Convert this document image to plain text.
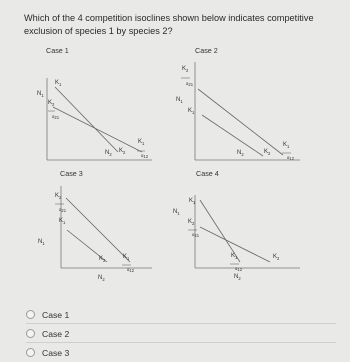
Which of the 4 competition isoclines shown below indicates competitive exclusion of species 1 by species 2?

Case 1
$N_1$
$K_1$
$K_2$
α21
$N_2$
$K_2$
$K_1$
α12
Case 2
$K_2$
α21
$N_1$
$K_1$
$N_2$	$K_2$
$K_1$
α12
Case 3
$K_2$
α21
$N_1$
$K_1$
$K_2$
$K_1$
α12
$N_2$
Case 4
$K_1$
$N_1$
$K_2$
α21
$K_1$
α12
$K_2$
$N_2$
Case 1
Case 2
Case 3
